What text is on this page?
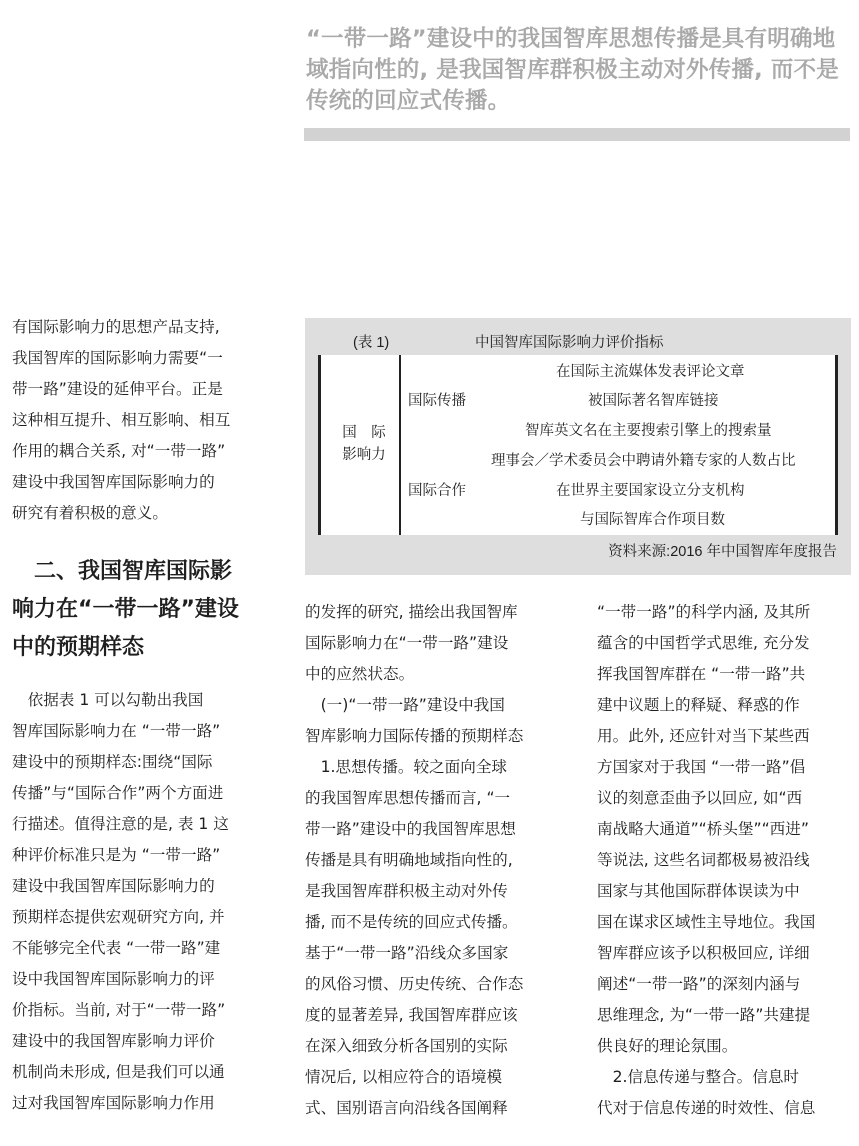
“一带一路”建设中的我国智库思想传播是具有明确地
域指向性的, 是我国智库群积极主动对外传播, 而不是
传统的回应式传播。

有国际影响力的思想产品支持,
我国智库的国际影响力需要“一
带一路”建设的延伸平台。正是
这种相互提升、相互影响、相互
作用的耦合关系, 对“一带一路”
建设中我国智库国际影响力的
研究有着积极的意义。

　二、我国智库国际影
响力在“一带一路”建设
中的预期样态

　依据表 1 可以勾勒出我国
智库国际影响力在 “一带一路”
建设中的预期样态:围绕“国际
传播”与“国际合作”两个方面进
行描述。值得注意的是, 表 1 这
种评价标准只是为 “一带一路”
建设中我国智库国际影响力的
预期样态提供宏观研究方向, 并
不能够完全代表 “一带一路”建
设中我国智库国际影响力的评
价指标。当前, 对于“一带一路”
建设中的我国智库影响力评价
机制尚未形成, 但是我们可以通
过对我国智库国际影响力作用

(表 1)	中国智库国际影响力评价指标
国　际
影响力
国际传播
在国际主流媒体发表评论文章
被国际著名智库链接
智库英文名在主要搜索引擎上的搜索量
国际合作
理事会／学术委员会中聘请外籍专家的人数占比
在世界主要国家设立分支机构
与国际智库合作项目数
资料来源:2016 年中国智库年度报告

的发挥的研究, 描绘出我国智库
国际影响力在“一带一路”建设
中的应然状态。
　(一)“一带一路”建设中我国
智库影响力国际传播的预期样态
　1.思想传播。较之面向全球
的我国智库思想传播而言, “一
带一路”建设中的我国智库思想
传播是具有明确地域指向性的,
是我国智库群积极主动对外传
播, 而不是传统的回应式传播。
基于“一带一路”沿线众多国家
的风俗习惯、历史传统、合作态
度的显著差异, 我国智库群应该
在深入细致分析各国别的实际
情况后, 以相应符合的语境模
式、国别语言向沿线各国阐释

“一带一路”的科学内涵, 及其所
蕴含的中国哲学式思维, 充分发
挥我国智库群在 “一带一路”共
建中议题上的释疑、释惑的作
用。此外, 还应针对当下某些西
方国家对于我国 “一带一路”倡
议的刻意歪曲予以回应, 如“西
南战略大通道”“桥头堡”“西进”
等说法, 这些名词都极易被沿线
国家与其他国际群体误读为中
国在谋求区域性主导地位。我国
智库群应该予以积极回应, 详细
阐述“一带一路”的深刻内涵与
思维理念, 为“一带一路”共建提
供良好的理论氛围。
　2.信息传递与整合。信息时
代对于信息传递的时效性、信息
